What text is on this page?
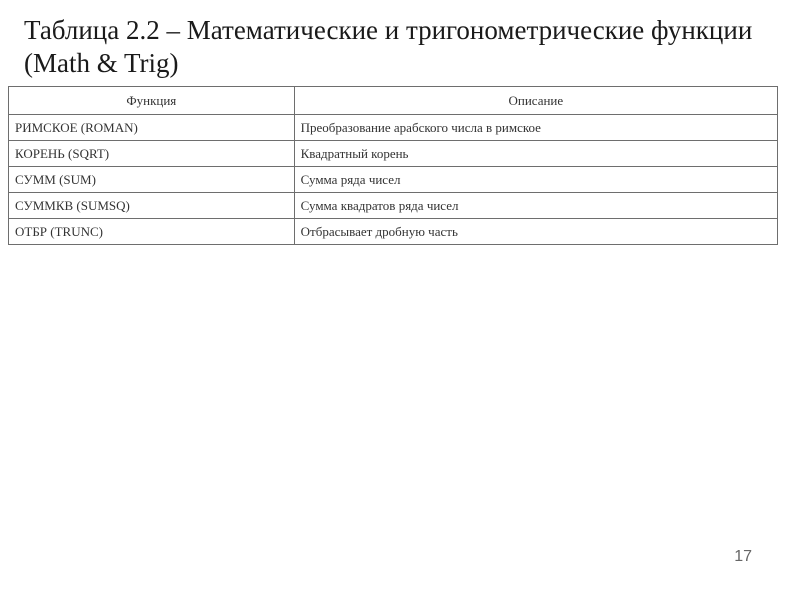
Таблица 2.2 – Математические и тригонометрические функции (Math & Trig)
Функция	Описание
РИМСКОЕ (ROMAN)	Преобразование арабского числа в римское
КОРЕНЬ (SQRT)	Квадратный корень
СУММ (SUM)	Сумма ряда чисел
СУММКВ (SUMSQ)	Сумма квадратов ряда чисел
ОТБР (TRUNC)	Отбрасывает дробную часть
17
